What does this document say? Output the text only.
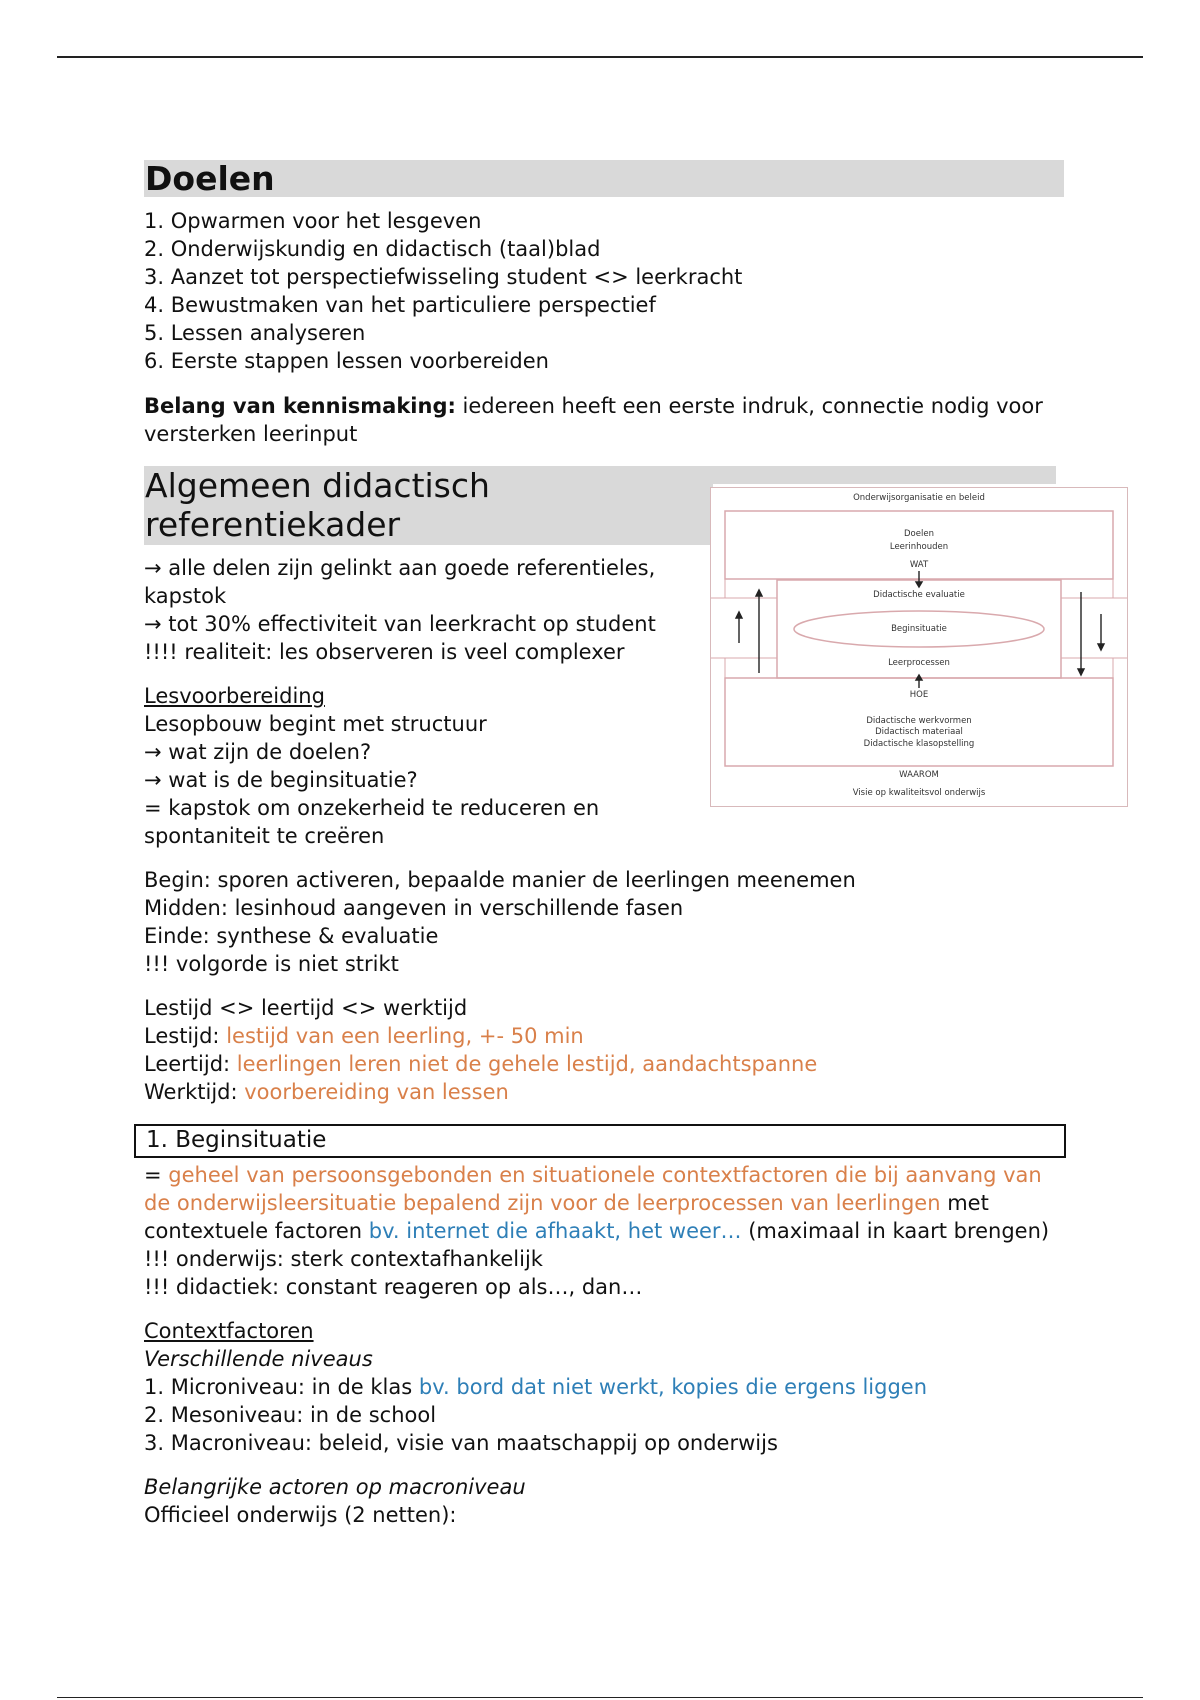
Doelen
1. Opwarmen voor het lesgeven
2. Onderwijskundig en didactisch (taal)blad
3. Aanzet tot perspectiefwisseling student <> leerkracht
4. Bewustmaken van het particuliere perspectief
5. Lessen analyseren
6. Eerste stappen lessen voorbereiden

Belang van kennismaking: iedereen heeft een eerste indruk, connectie nodig voor versterken leerinput

Algemeen didactisch
referentiekader
→ alle delen zijn gelinkt aan goede referentieles, kapstok
→ tot 30% effectiviteit van leerkracht op student
!!!! realiteit: les observeren is veel complexer
Lesvoorbereiding
Lesopbouw begint met structuur
→ wat zijn de doelen?
→ wat is de beginsituatie?
= kapstok om onzekerheid te reduceren en spontaniteit te creëren
Begin: sporen activeren, bepaalde manier de leerlingen meenemen
Midden: lesinhoud aangeven in verschillende fasen
Einde: synthese & evaluatie
!!! volgorde is niet strikt
Lestijd <> leertijd <> werktijd
Lestijd: lestijd van een leerling, +- 50 min
Leertijd: leerlingen leren niet de gehele lestijd, aandachtspanne
Werktijd: voorbereiding van lessen
1. Beginsituatie

= geheel van persoonsgebonden en situationele contextfactoren die bij aanvang van de onderwijsleersituatie bepalend zijn voor de leerprocessen van leerlingen met contextuele factoren bv. internet die afhaakt, het weer… (maximaal in kaart brengen)

!!! onderwijs: sterk contextafhankelijk
!!! didactiek: constant reageren op als…, dan…
Contextfactoren
Verschillende niveaus
1. Microniveau: in de klas bv. bord dat niet werkt, kopies die ergens liggen
2. Mesoniveau: in de school
3. Macroniveau: beleid, visie van maatschappij op onderwijs
Belangrijke actoren op macroniveau
Officieel onderwijs (2 netten):
Onderwijsorganisatie en beleid
Doelen
Leerinhouden
WAT
Didactische evaluatie
Beginsituatie
Leerprocessen
HOE
Didactische werkvormen
Didactisch materiaal
Didactische klasopstelling
WAAROM
Visie op kwaliteitsvol onderwijs
